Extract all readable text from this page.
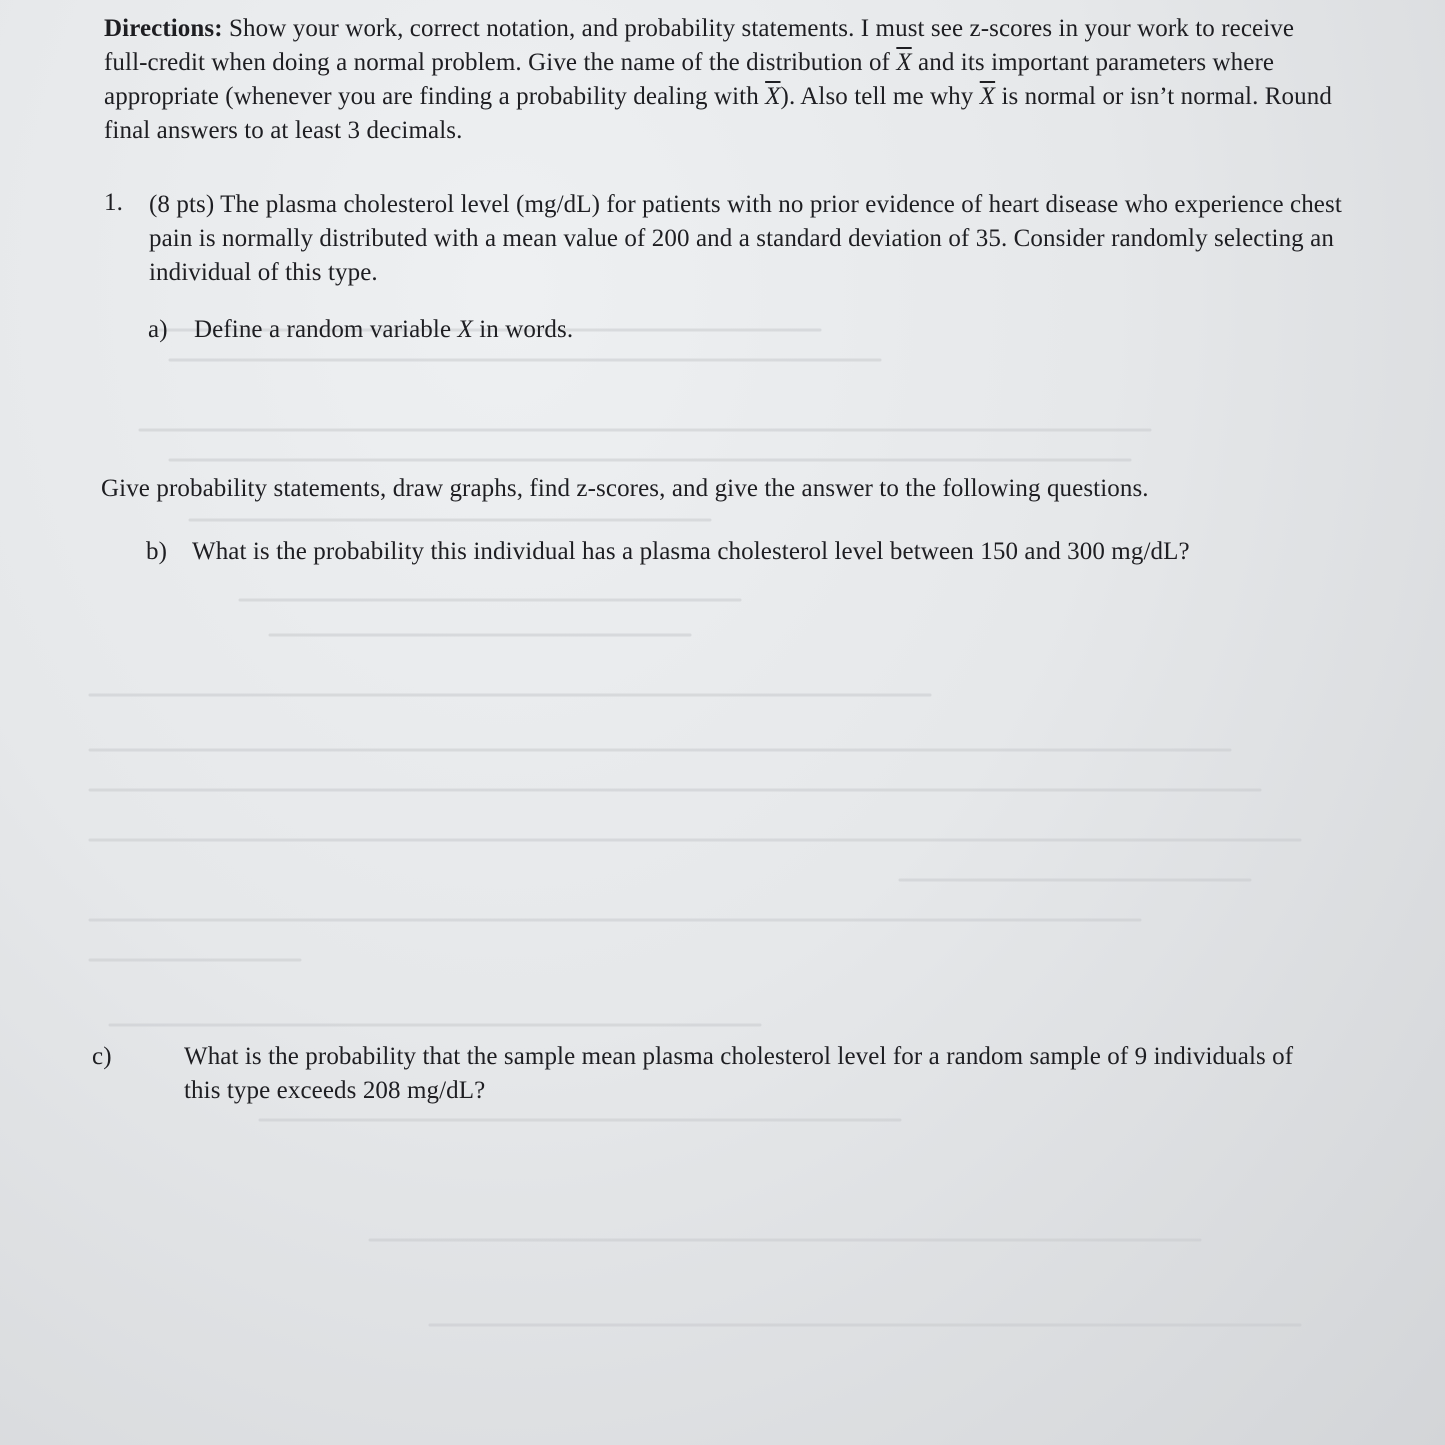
Directions: Show your work, correct notation, and probability statements. I must see z-scores in your work to receive full-credit when doing a normal problem. Give the name of the distribution of $\overline{X}$ and its important parameters where appropriate (whenever you are finding a probability dealing with $\overline{X}$). Also tell me why $\overline{X}$ is normal or isn’t normal. Round final answers to at least 3 decimals.
1. (8 pts) The plasma cholesterol level (mg/dL) for patients with no prior evidence of heart disease who experience chest pain is normally distributed with a mean value of 200 and a standard deviation of 35. Consider randomly selecting an individual of this type.
a) Define a random variable X in words.
Give probability statements, draw graphs, find z-scores, and give the answer to the following questions.
b) What is the probability this individual has a plasma cholesterol level between 150 and 300 mg/dL?
c)	What is the probability that the sample mean plasma cholesterol level for a random sample of 9 individuals of this type exceeds 208 mg/dL?
